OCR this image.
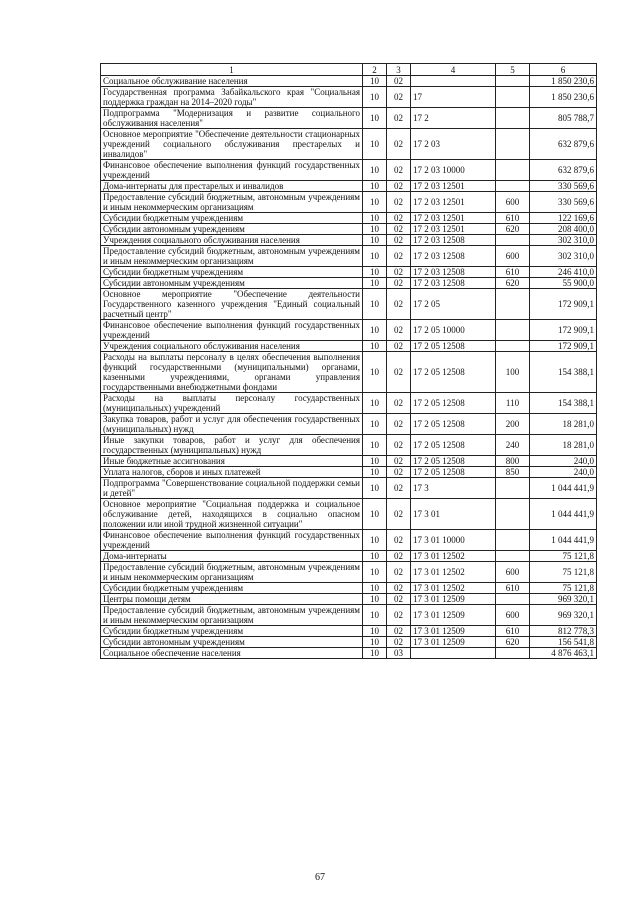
1	2	3	4	5	6
Социальное обслуживание населения	10	02			1 850 230,6
Государственная программа Забайкальского края "Социальная поддержка граждан на 2014–2020 годы"	10	02	17		1 850 230,6
Подпрограмма "Модернизация и развитие социального обслуживания населения"	10	02	17 2		805 788,7
Основное мероприятие "Обеспечение деятельности стационарных учреждений социального обслуживания престарелых и инвалидов"	10	02	17 2 03		632 879,6
Финансовое обеспечение выполнения функций государственных учреждений	10	02	17 2 03 10000		632 879,6
Дома-интернаты для престарелых и инвалидов	10	02	17 2 03 12501		330 569,6
Предоставление субсидий бюджетным, автономным учреждениям и иным некоммерческим организациям	10	02	17 2 03 12501	600	330 569,6
Субсидии бюджетным учреждениям	10	02	17 2 03 12501	610	122 169,6
Субсидии автономным учреждениям	10	02	17 2 03 12501	620	208 400,0
Учреждения социального обслуживания населения	10	02	17 2 03 12508		302 310,0
Предоставление субсидий бюджетным, автономным учреждениям и иным некоммерческим организациям	10	02	17 2 03 12508	600	302 310,0
Субсидии бюджетным учреждениям	10	02	17 2 03 12508	610	246 410,0
Субсидии автономным учреждениям	10	02	17 2 03 12508	620	55 900,0
Основное мероприятие "Обеспечение деятельности Государственного казенного учреждения "Единый социальный расчетный центр"	10	02	17 2 05		172 909,1
Финансовое обеспечение выполнения функций государственных учреждений	10	02	17 2 05 10000		172 909,1
Учреждения социального обслуживания населения	10	02	17 2 05 12508		172 909,1
Расходы на выплаты персоналу в целях обеспечения выполнения функций государственными (муниципальными) органами, казенными учреждениями, органами управления государственными внебюджетными фондами	10	02	17 2 05 12508	100	154 388,1
Расходы на выплаты персоналу государственных (муниципальных) учреждений	10	02	17 2 05 12508	110	154 388,1
Закупка товаров, работ и услуг для обеспечения государственных (муниципальных) нужд	10	02	17 2 05 12508	200	18 281,0
Иные закупки товаров, работ и услуг для обеспечения государственных (муниципальных) нужд	10	02	17 2 05 12508	240	18 281,0
Иные бюджетные ассигнования	10	02	17 2 05 12508	800	240,0
Уплата налогов, сборов и иных платежей	10	02	17 2 05 12508	850	240,0
Подпрограмма "Совершенствование социальной поддержки семьи и детей"	10	02	17 3		1 044 441,9
Основное мероприятие "Социальная поддержка и социальное обслуживание детей, находящихся в социально опасном положении или иной трудной жизненной ситуации"	10	02	17 3 01		1 044 441,9
Финансовое обеспечение выполнения функций государственных учреждений	10	02	17 3 01 10000		1 044 441,9
Дома-интернаты	10	02	17 3 01 12502		75 121,8
Предоставление субсидий бюджетным, автономным учреждениям и иным некоммерческим организациям	10	02	17 3 01 12502	600	75 121,8
Субсидии бюджетным учреждениям	10	02	17 3 01 12502	610	75 121,8
Центры помощи детям	10	02	17 3 01 12509		969 320,1
Предоставление субсидий бюджетным, автономным учреждениям и иным некоммерческим организациям	10	02	17 3 01 12509	600	969 320,1
Субсидии бюджетным учреждениям	10	02	17 3 01 12509	610	812 778,3
Субсидии автономным учреждениям	10	02	17 3 01 12509	620	156 541,8
Социальное обеспечение населения	10	03			4 876 463,1
67
